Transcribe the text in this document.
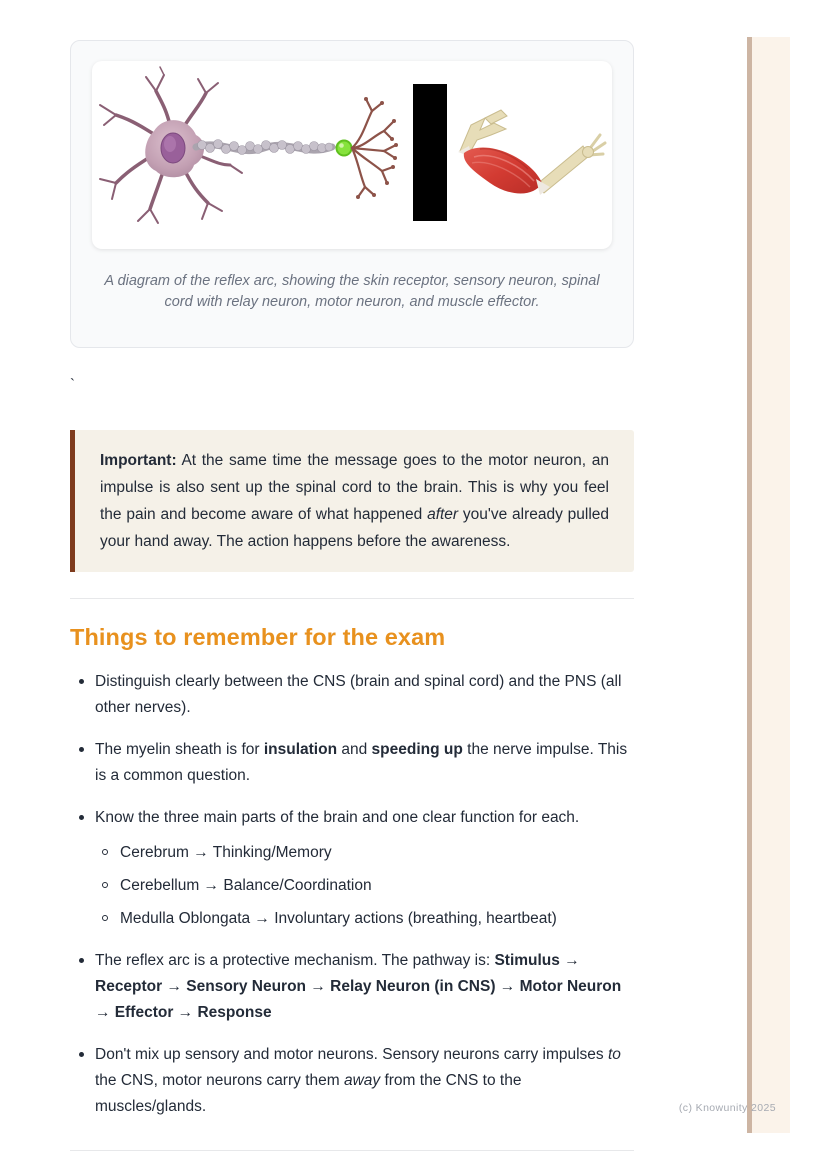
A diagram of the reflex arc, showing the skin receptor, sensory neuron, spinal cord with relay neuron, motor neuron, and muscle effector.

`

Important: At the same time the message goes to the motor neuron, an impulse is also sent up the spinal cord to the brain. This is why you feel the pain and become aware of what happened after you've already pulled your hand away. The action happens before the awareness.

Things to remember for the exam
Distinguish clearly between the CNS (brain and spinal cord) and the PNS (all other nerves).
The myelin sheath is for insulation and speeding up the nerve impulse. This is a common question.
Know the three main parts of the brain and one clear function for each.
Cerebrum → Thinking/Memory
Cerebellum → Balance/Coordination
Medulla Oblongata → Involuntary actions (breathing, heartbeat)
The reflex arc is a protective mechanism. The pathway is: Stimulus → Receptor → Sensory Neuron → Relay Neuron (in CNS) → Motor Neuron → Effector → Response
Don't mix up sensory and motor neurons. Sensory neurons carry impulses to the CNS, motor neurons carry them away from the CNS to the muscles/glands.	(c) Knowunity 2025
